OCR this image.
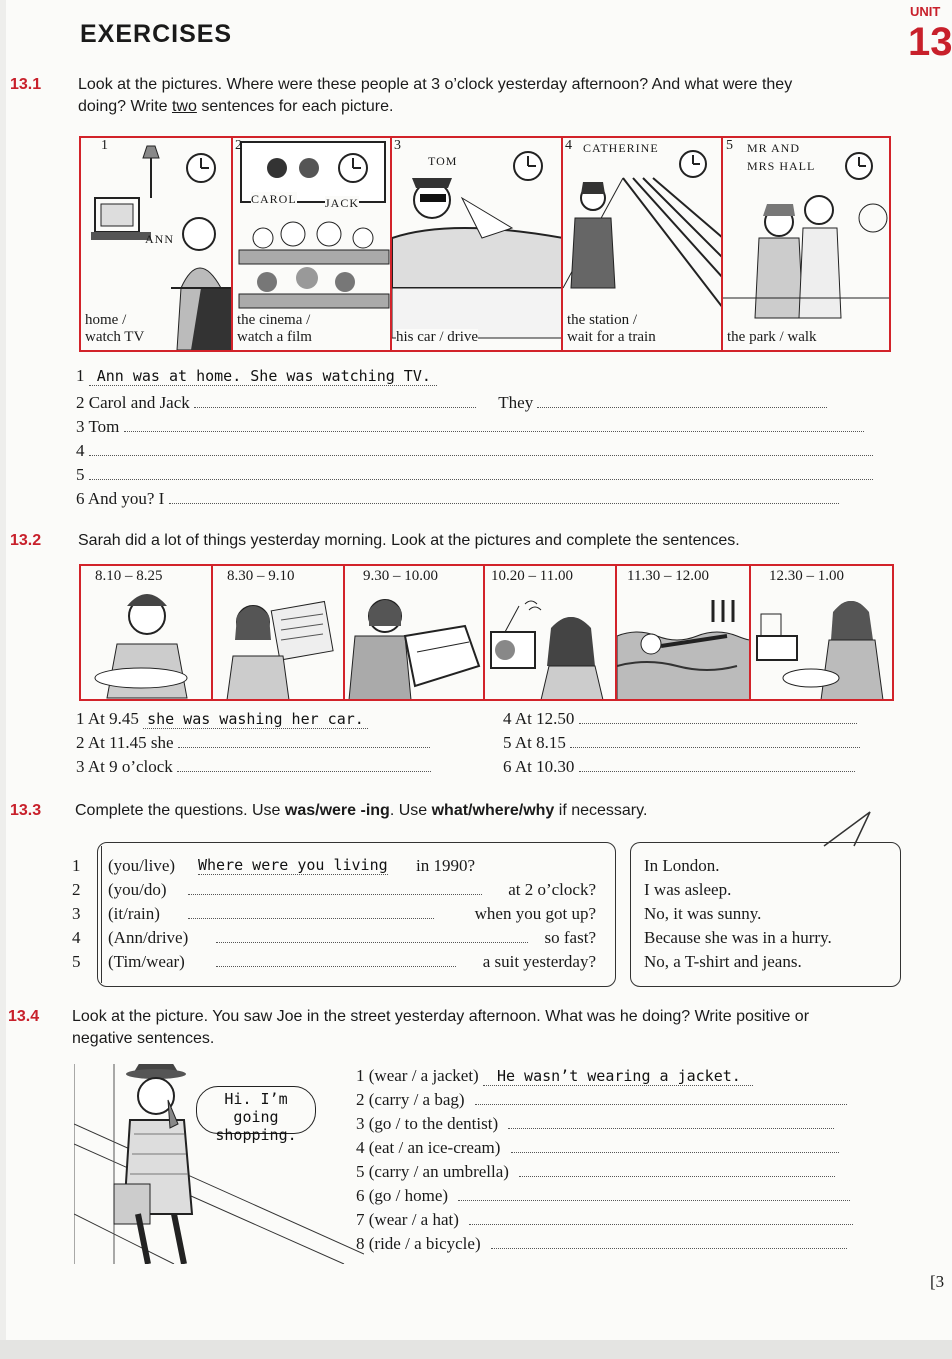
EXERCISES
UNIT
13
13.1 Look at the pictures. Where were these people at 3 o’clock yesterday afternoon? And what were they
doing? Write two sentences for each picture.
1
ANN
home /
watch TV
2
CAROL JACK
the cinema /
watch a film
3
TOM
his car / drive
4 CATHERINE
the station /
wait for a train
5 MR AND
MRS HALL
the park / walk
1 Ann was at home. She was watching TV.
2 Carol and Jack	They
3 Tom
4
5
6 And you? I
13.2 Sarah did a lot of things yesterday morning. Look at the pictures and complete the sentences.
8.10 – 8.25	8.30 – 9.10	9.30 – 10.00	10.20 – 11.00	11.30 – 12.00	12.30 – 1.00
1 At 9.45 she was washing her car.
2 At 11.45 she
3 At 9 o’clock
4 At 12.50
5 At 8.15
6 At 10.30
13.3 Complete the questions. Use was/were -ing. Use what/where/why if necessary.
1 (you/live) Where were you living in 1990?
2 (you/do)	at 2 o’clock?
3 (it/rain)	when you got up?
4 (Ann/drive)	so fast?
5 (Tim/wear)	a suit yesterday?
In London.
I was asleep.
No, it was sunny.
Because she was in a hurry.
No, a T-shirt and jeans.
13.4 Look at the picture. You saw Joe in the street yesterday afternoon. What was he doing? Write positive or
negative sentences.
Hi. I’m going
shopping.
1 (wear / a jacket) He wasn’t wearing a jacket.
2 (carry / a bag)
3 (go / to the dentist)
4 (eat / an ice-cream)
5 (carry / an umbrella)
6 (go / home)
7 (wear / a hat)
8 (ride / a bicycle)
[3
